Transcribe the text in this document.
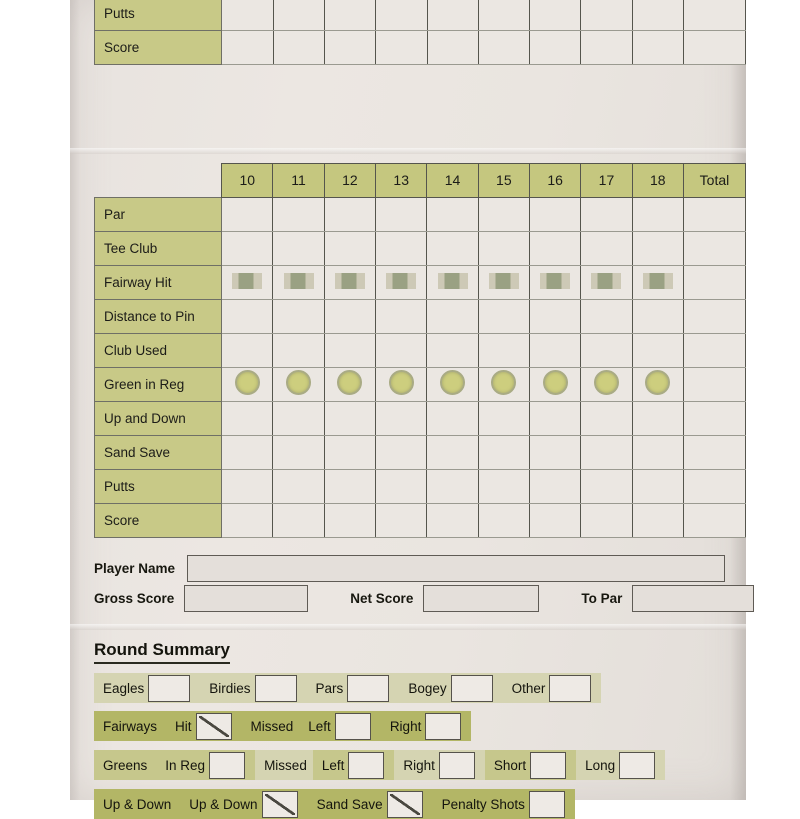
Putts										
Score										
	10	11	12	13	14	15	16	17	18	Total
Par										
Tee Club										
Fairway Hit										
Distance to Pin										
Club Used										
Green in Reg										
Up and Down										
Sand Save										
Putts										
Score										
Player Name
Gross Score	Net Score	To Par
Round Summary
Eagles	Birdies	Pars	Bogey	Other
Fairways	Hit	Missed Left	Right
Greens	In Reg	Missed Left	Right	Short	Long
Up & Down	Up & Down	Sand Save	Penalty Shots
